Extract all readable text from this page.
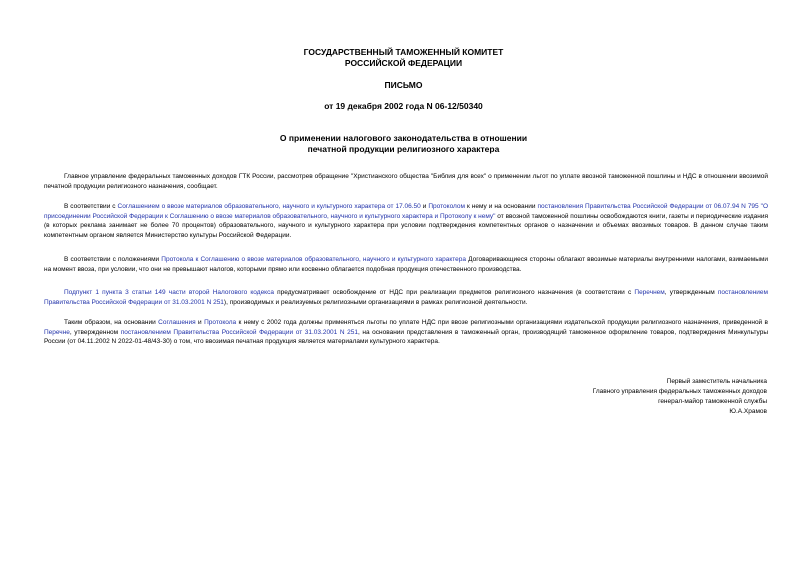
ГОСУДАРСТВЕННЫЙ ТАМОЖЕННЫЙ КОМИТЕТ
РОССИЙСКОЙ ФЕДЕРАЦИИ
ПИСЬМО
от 19 декабря 2002 года N 06-12/50340
О применении налогового законодательства в отношении
печатной продукции религиозного характера
Главное управление федеральных таможенных доходов ГТК России, рассмотрев обращение "Христианского общества "Библия для всех" о применении льгот по уплате ввозной таможенной пошлины и НДС в отношении ввозимой печатной продукции религиозного назначения, сообщает.
В соответствии с Соглашением о ввозе материалов образовательного, научного и культурного характера от 17.06.50 и Протоколом к нему и на основании постановления Правительства Российской Федерации от 06.07.94 N 795 "О присоединении Российской Федерации к Соглашению о ввозе материалов образовательного, научного и культурного характера и Протоколу к нему" от ввозной таможенной пошлины освобождаются книги, газеты и периодические издания (в которых реклама занимает не более 70 процентов) образовательного, научного и культурного характера при условии подтверждения компетентных органов о назначении и объемах ввозимых товаров. В данном случае таким компетентным органом является Министерство культуры Российской Федерации.
В соответствии с положениями Протокола к Соглашению о ввозе материалов образовательного, научного и культурного характера Договаривающиеся стороны облагают ввозимые материалы внутренними налогами, взимаемыми на момент ввоза, при условии, что они не превышают налогов, которыми прямо или косвенно облагается подобная продукция отечественного производства.
Подпункт 1 пункта 3 статьи 149 части второй Налогового кодекса предусматривает освобождение от НДС при реализации предметов религиозного назначения (в соответствии с Перечнем, утвержденным постановлением Правительства Российской Федерации от 31.03.2001 N 251), производимых и реализуемых религиозными организациями в рамках религиозной деятельности.
Таким образом, на основании Соглашения и Протокола к нему с 2002 года должны применяться льготы по уплате НДС при ввозе религиозными организациями издательской продукции религиозного назначения, приведенной в Перечне, утвержденном постановлением Правительства Российской Федерации от 31.03.2001 N 251, на основании представления в таможенный орган, производящий таможенное оформление товаров, подтверждения Минкультуры России (от 04.11.2002 N 2022-01-48/43-30) о том, что ввозимая печатная продукция является материалами культурного характера.
Первый заместитель начальника
Главного управления федеральных таможенных доходов
генерал-майор таможенной службы
Ю.А.Храмов
